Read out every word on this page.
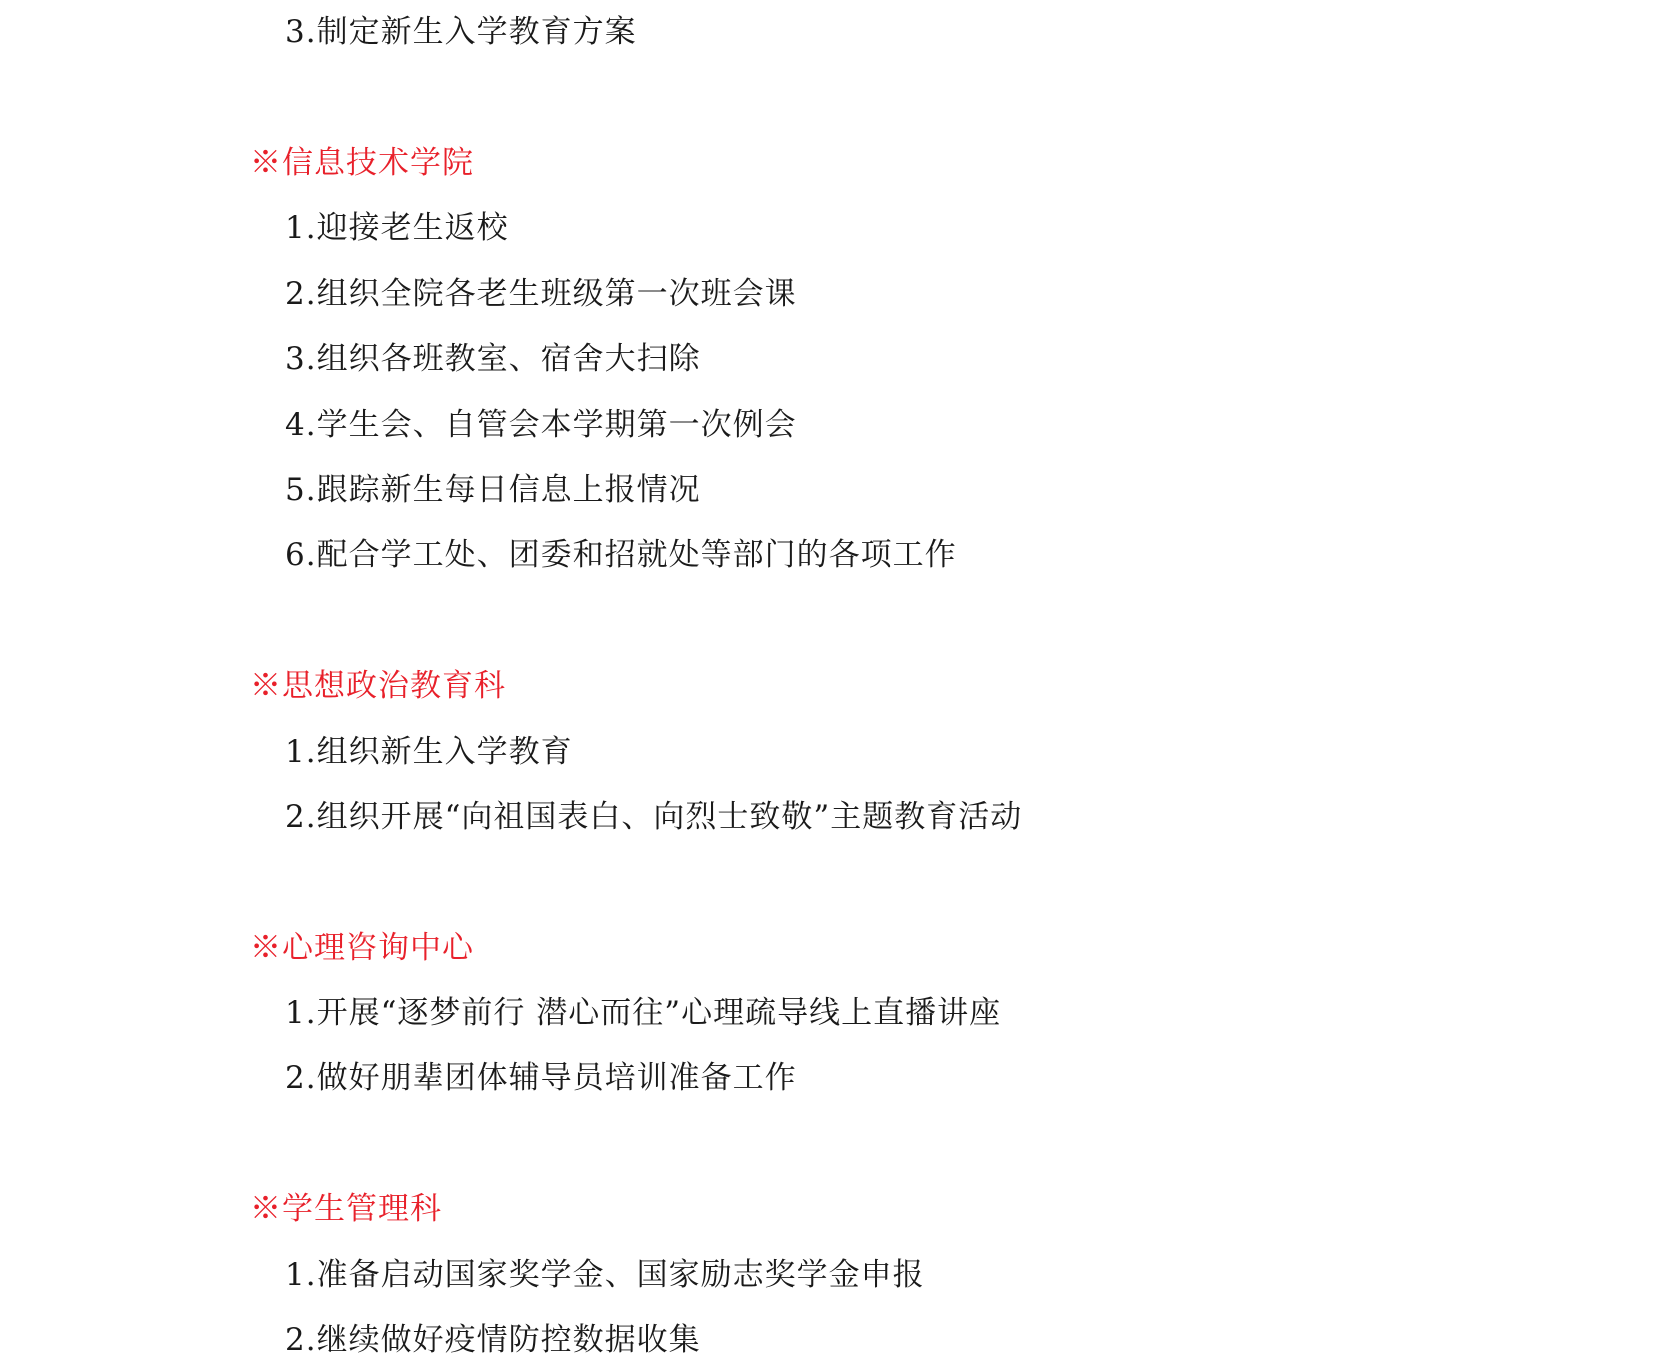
3.制定新生入学教育方案
※信息技术学院
1.迎接老生返校
2.组织全院各老生班级第一次班会课
3.组织各班教室、宿舍大扫除
4.学生会、自管会本学期第一次例会
5.跟踪新生每日信息上报情况
6.配合学工处、团委和招就处等部门的各项工作
※思想政治教育科
1.组织新生入学教育
2.组织开展“向祖国表白、向烈士致敬”主题教育活动
※心理咨询中心
1.开展“逐梦前行 潜心而往”心理疏导线上直播讲座
2.做好朋辈团体辅导员培训准备工作
※学生管理科
1.准备启动国家奖学金、国家励志奖学金申报
2.继续做好疫情防控数据收集
